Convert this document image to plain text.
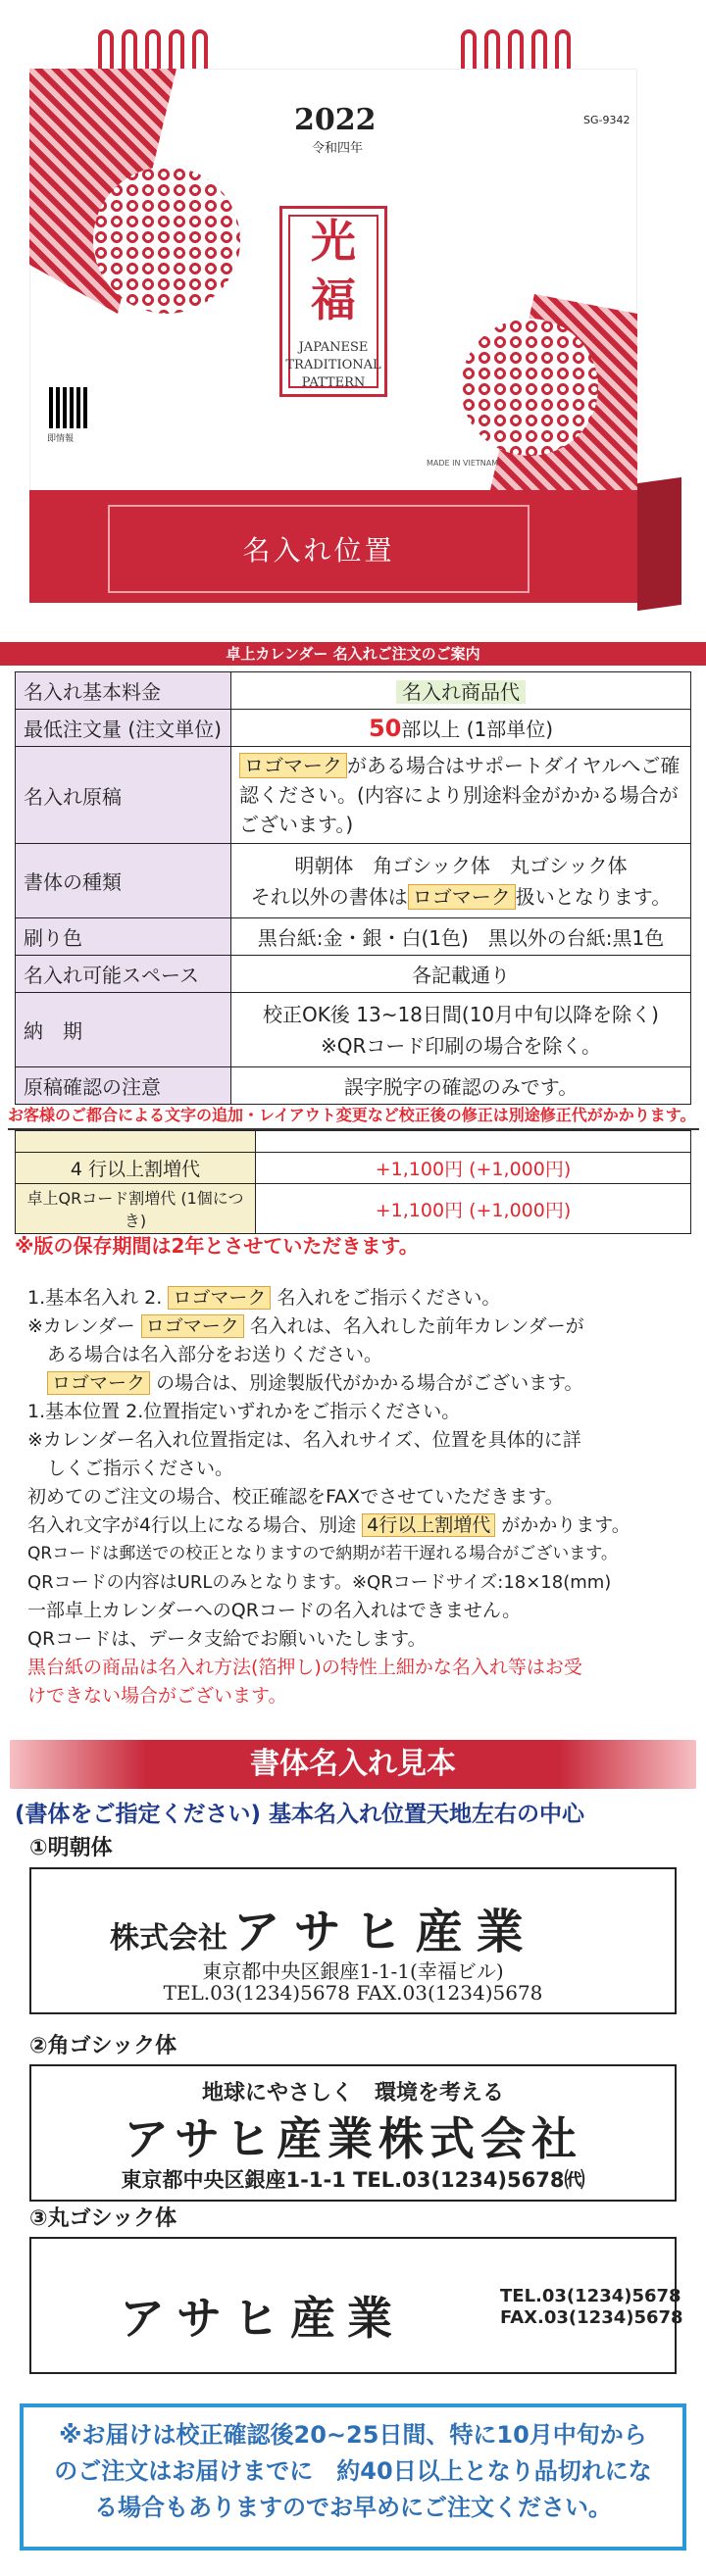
2022
令和四年
SG-9342
光
福
JAPANESE
TRADITIONAL
PATTERN
即情報
MADE IN VIETNAM
名入れ位置
卓上カレンダー 名入れご注文のご案内
名入れ基本料金	名入れ商品代
最低注文量 (注文単位)	50部以上 (1部単位)
名入れ原稿	ロゴマーク がある場合はサポートダイヤルへご確認ください。(内容により別途料金がかかる場合がございます。)
書体の種類	明朝体　角ゴシック体　丸ゴシック体
それ以外の書体は ロゴマーク 扱いとなります。

刷り色	黒台紙:金・銀・白(1色)　黒以外の台紙:黒1色
名入れ可能スペース	各記載通り
納　期	校正OK後 13~18日間(10月中旬以降を除く)
※QRコード印刷の場合を除く。

原稿確認の注意	誤字脱字の確認のみです。
お客様のご都合による文字の追加・レイアウト変更など校正後の修正は別途修正代がかかります。

4 行以上割増代	+1,100円 (+1,000円)
卓上QRコード割増代 (1個につき)	+1,100円 (+1,000円)
※版の保存期間は2年とさせていただきます。

1.基本名入れ 2. ロゴマーク 名入れをご指示ください。

※カレンダー ロゴマーク 名入れは、名入れした前年カレンダーが

ある場合は名入部分をお送りください。

ロゴマーク の場合は、別途製版代がかかる場合がございます。

1.基本位置 2.位置指定いずれかをご指示ください。

※カレンダー名入れ位置指定は、名入れサイズ、位置を具体的に詳

しくご指示ください。

初めてのご注文の場合、校正確認をFAXでさせていただきます。

名入れ文字が4行以上になる場合、別途 4行以上割増代 がかかります。

QRコードは郵送での校正となりますので納期が若干遅れる場合がございます。

QRコードの内容はURLのみとなります。※QRコードサイズ:18×18(mm)

一部卓上カレンダーへのQRコードの名入れはできません。

QRコードは、データ支給でお願いいたします。

黒台紙の商品は名入れ方法(箔押し)の特性上細かな名入れ等はお受

けできない場合がございます。

書体名入れ見本
(書体をご指定ください) 基本名入れ位置天地左右の中心
①明朝体
株式会社 アサヒ産業
東京都中央区銀座1-1-1(幸福ビル)
TEL.03(1234)5678 FAX.03(1234)5678
②角ゴシック体
地球にやさしく　環境を考える
アサヒ産業株式会社
東京都中央区銀座1-1-1 TEL.03(1234)5678㈹
③丸ゴシック体
アサヒ産業	TEL.03(1234)5678
FAX.03(1234)5678
※お届けは校正確認後20~25日間、特に10月中旬からのご注文はお届けまでに　約40日以上となり品切れになる場合もありますのでお早めにご注文ください。
